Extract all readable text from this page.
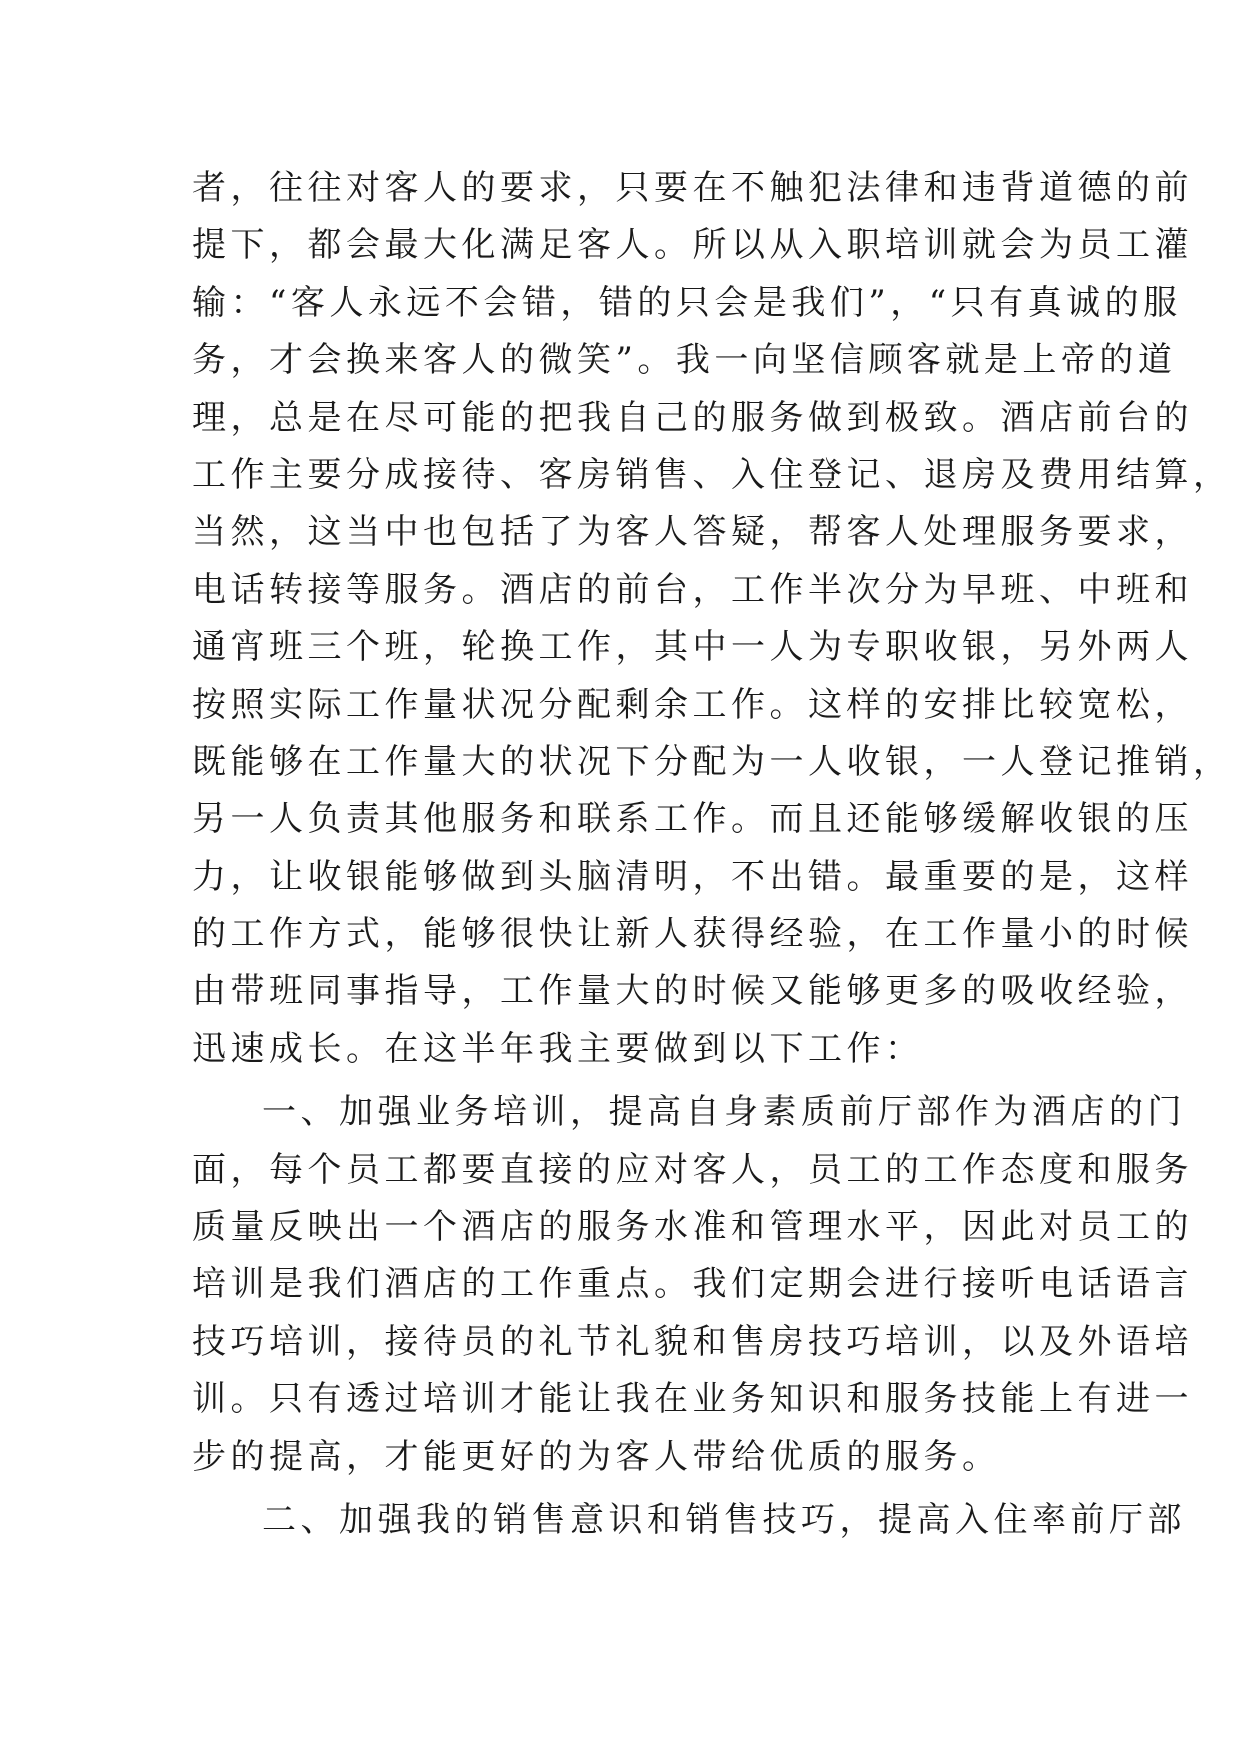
者，往往对客人的要求，只要在不触犯法律和违背道德的前
提下，都会最大化满足客人。所以从入职培训就会为员工灌
输：“客人永远不会错，错的只会是我们”，“只有真诚的服
务，才会换来客人的微笑”。我一向坚信顾客就是上帝的道
理，总是在尽可能的把我自己的服务做到极致。酒店前台的
工作主要分成接待、客房销售、入住登记、退房及费用结算，
当然，这当中也包括了为客人答疑，帮客人处理服务要求，
电话转接等服务。酒店的前台，工作半次分为早班、中班和
通宵班三个班，轮换工作，其中一人为专职收银，另外两人
按照实际工作量状况分配剩余工作。这样的安排比较宽松，
既能够在工作量大的状况下分配为一人收银，一人登记推销，
另一人负责其他服务和联系工作。而且还能够缓解收银的压
力，让收银能够做到头脑清明，不出错。最重要的是，这样
的工作方式，能够很快让新人获得经验，在工作量小的时候
由带班同事指导，工作量大的时候又能够更多的吸收经验，
迅速成长。在这半年我主要做到以下工作：
一、加强业务培训，提高自身素质前厅部作为酒店的门
面，每个员工都要直接的应对客人，员工的工作态度和服务
质量反映出一个酒店的服务水准和管理水平，因此对员工的
培训是我们酒店的工作重点。我们定期会进行接听电话语言
技巧培训，接待员的礼节礼貌和售房技巧培训，以及外语培
训。只有透过培训才能让我在业务知识和服务技能上有进一
步的提高，才能更好的为客人带给优质的服务。
二、加强我的销售意识和销售技巧，提高入住率前厅部
